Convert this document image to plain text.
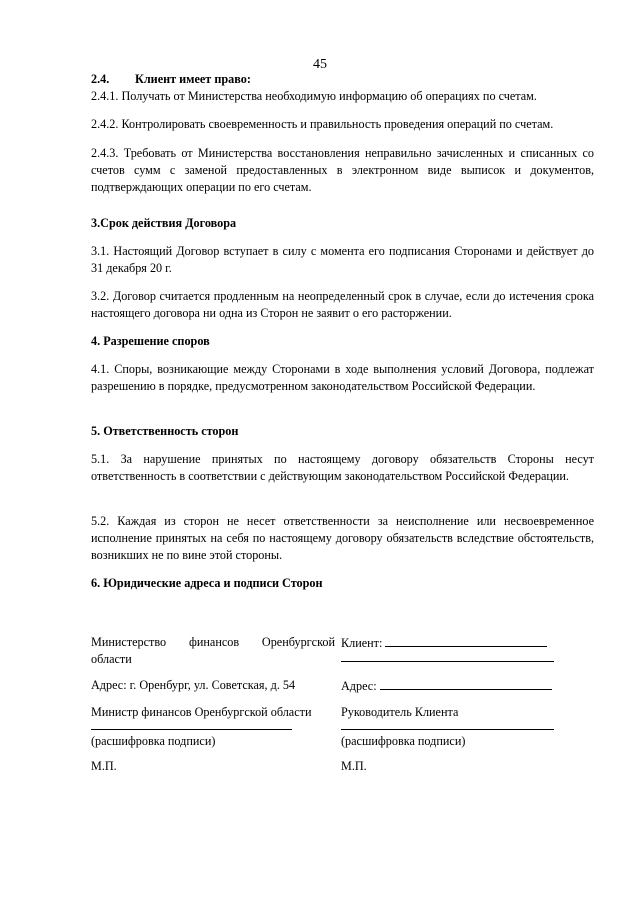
45
2.4. Клиент имеет право:
2.4.1. Получать от Министерства необходимую информацию об операциях по счетам.
2.4.2. Контролировать своевременность и правильность проведения операций по счетам.
2.4.3. Требовать от Министерства восстановления неправильно зачисленных и списанных со счетов сумм с заменой предоставленных в электронном виде выписок и документов, подтверждающих операции по его счетам.
3.Срок действия Договора
3.1. Настоящий Договор вступает в силу с момента его подписания Сторонами и действует до 31 декабря 20 г.
3.2. Договор считается продленным на неопределенный срок в случае, если до истечения срока настоящего договора ни одна из Сторон не заявит о его расторжении.
4. Разрешение споров
4.1. Споры, возникающие между Сторонами в ходе выполнения условий Договора, подлежат разрешению в порядке, предусмотренном законодательством Российской Федерации.
5. Ответственность сторон
5.1. За нарушение принятых по настоящему договору обязательств Стороны несут ответственность в соответствии с действующим законодательством Российской Федерации.
5.2. Каждая из сторон не несет ответственности за неисполнение или несвоевременное исполнение принятых на себя по настоящему договору обязательств вследствие обстоятельств, возникших не по вине этой стороны.
6. Юридические адреса и подписи Сторон
Министерство финансов Оренбургской области
Адрес: г. Оренбург, ул. Советская, д. 54
Министр финансов Оренбургской области
(расшифровка подписи)
М.П.
Клиент:
Адрес:
Руководитель Клиента
(расшифровка подписи)
М.П.
